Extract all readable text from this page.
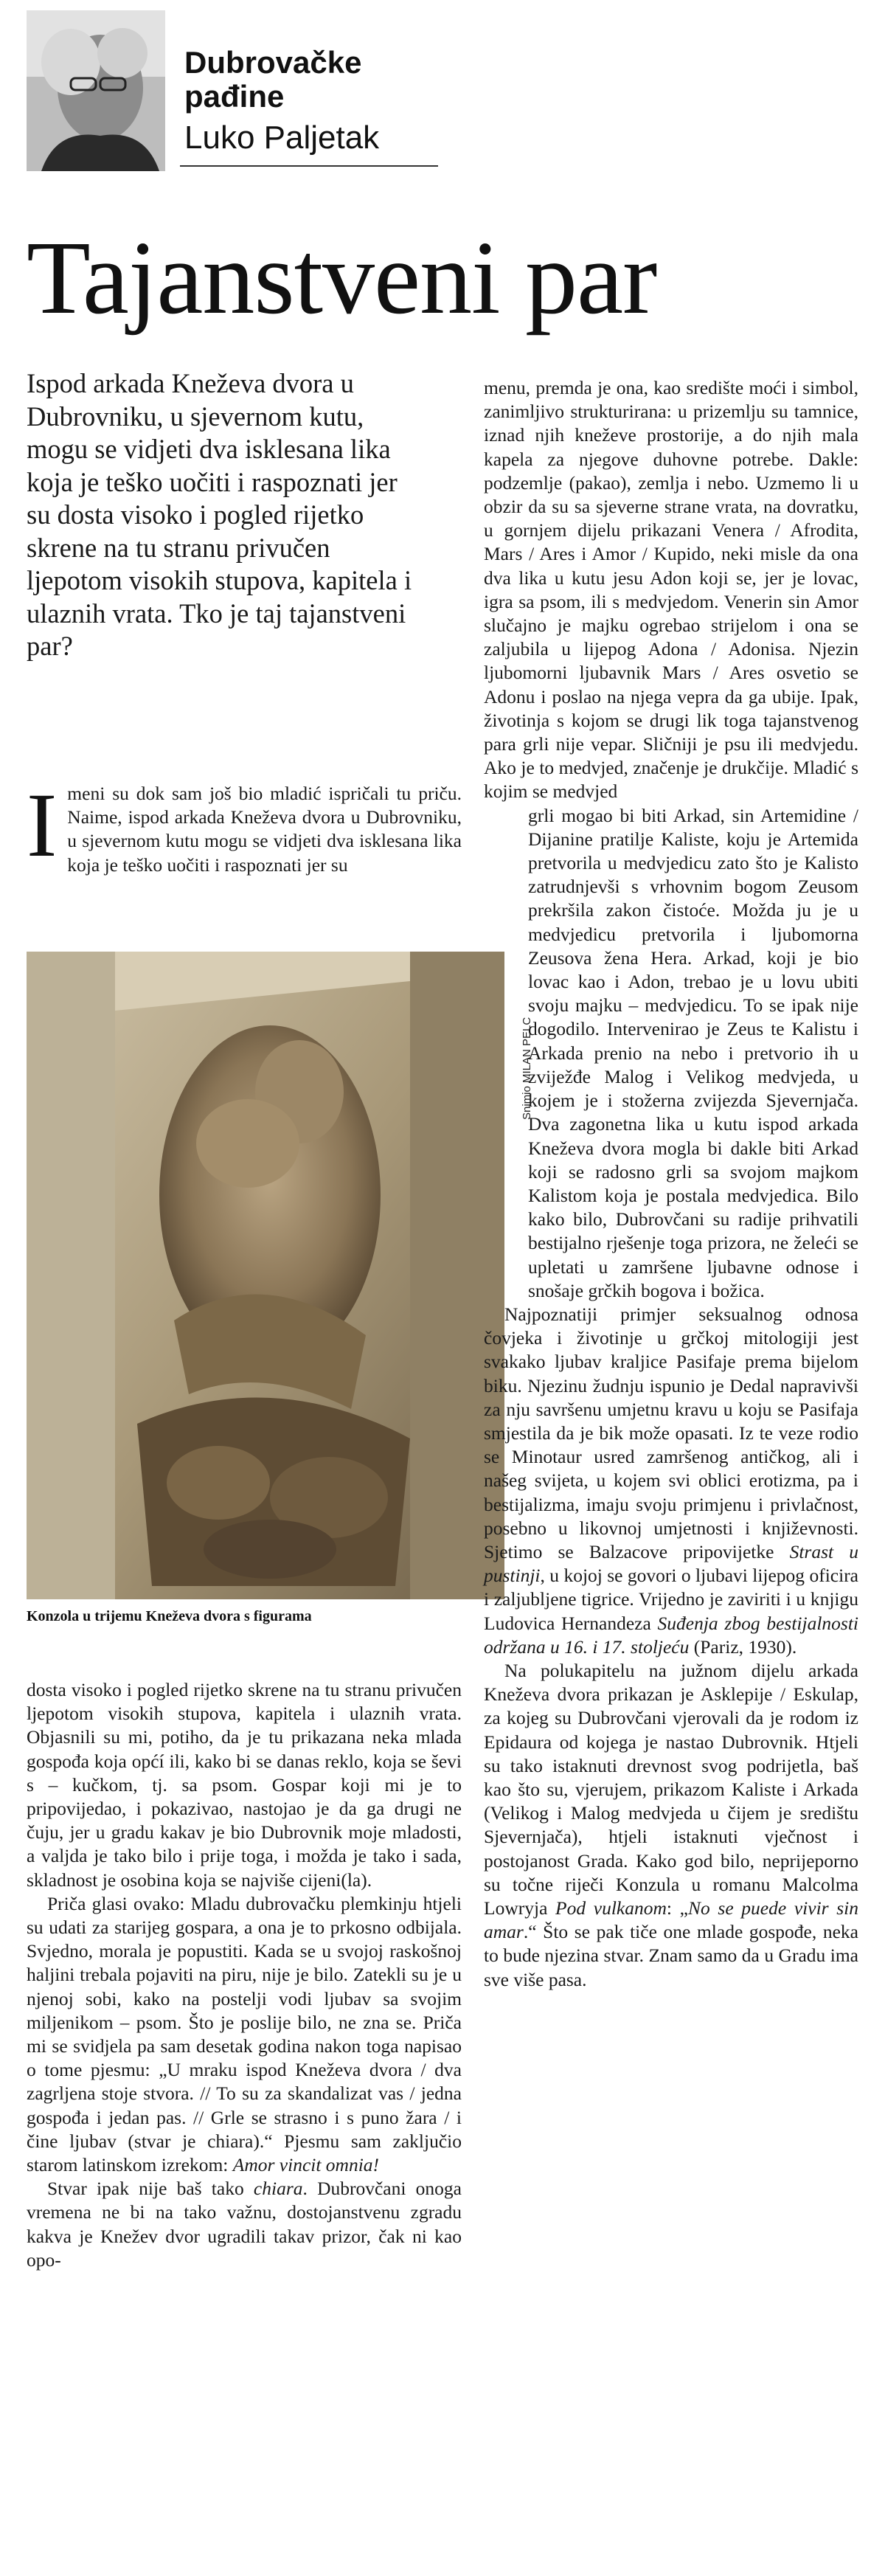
Dubrovačke
pađine
Luko Paljetak
Tajanstveni par
Ispod arkada Kneževa dvora u Dubrovniku, u sjevernom kutu, mogu se vidjeti dva isklesana lika koja je teško uočiti i raspoznati jer su dosta visoko i pogled rijetko skrene na tu stranu privučen ljepotom visokih stupova, kapitela i ulaznih vrata. Tko je taj tajanstveni par?
Imeni su dok sam još bio mladić ispričali tu priču. Naime, ispod arkada Kneževa dvora u Dubrovniku, u sjevernom kutu mogu se vidjeti dva isklesana lika koja je teško uočiti i raspoznati jer su
Snimio MILAN PELC
Konzola u trijemu Kneževa dvora s figurama

dosta visoko i pogled rijetko skrene na tu stranu privučen ljepotom visokih stupova, kapitela i ulaznih vrata. Objasnili su mi, potiho, da je tu prikazana neka mlada gospođa koja općí ili, kako bi se danas reklo, koja se ševi s – kučkom, tj. sa psom. Gospar koji mi je to pripovijedao, i pokazivao, nastojao je da ga drugi ne čuju, jer u gradu kakav je bio Dubrovnik moje mladosti, a valjda je tako bilo i prije toga, i možda je tako i sada, skladnost je osobina koja se najviše cijeni(la).

Priča glasi ovako: Mladu dubrovačku plemkinju htjeli su udati za starijeg gospara, a ona je to prkosno odbijala. Svjedno, morala je popustiti. Kada se u svojoj raskošnoj haljini trebala pojaviti na piru, nije je bilo. Zatekli su je u njenoj sobi, kako na postelji vodi ljubav sa svojim miljenikom – psom. Što je poslije bilo, ne zna se. Priča mi se svidjela pa sam desetak godina nakon toga napisao o tome pjesmu: „U mraku ispod Kneževa dvora / dva zagrljena stoje stvora. // To su za skandalizat vas / jedna gospođa i jedan pas. // Grle se strasno i s puno žara / i čine ljubav (stvar je chiara).“ Pjesmu sam zaključio starom latinskom izrekom: Amor vincit omnia!

Stvar ipak nije baš tako chiara. Dubrovčani onoga vremena ne bi na tako važnu, dostojanstvenu zgradu kakva je Knežev dvor ugradili takav prizor, čak ni kao opo-

menu, premda je ona, kao središte moći i simbol, zanimljivo strukturirana: u prizemlju su tamnice, iznad njih kneževe prostorije, a do njih mala kapela za njegove duhovne potrebe. Dakle: podzemlje (pakao), zemlja i nebo. Uzmemo li u obzir da su sa sjeverne strane vrata, na dovratku, u gornjem dijelu prikazani Venera / Afrodita, Mars / Ares i Amor / Kupido, neki misle da ona dva lika u kutu jesu Adon koji se, jer je lovac, igra sa psom, ili s medvjedom. Venerin sin Amor slučajno je majku ogrebao strijelom i ona se zaljubila u lijepog Adona / Adonisa. Njezin ljubomorni ljubavnik Mars / Ares osvetio se Adonu i poslao na njega vepra da ga ubije. Ipak, životinja s kojom se drugi lik toga tajanstvenog para grli nije vepar. Sličniji je psu ili medvjedu. Ako je to medvjed, značenje je drukčije. Mladić s kojim se medvjed

grli mogao bi biti Arkad, sin Artemidine / Dijanine pratilje Kaliste, koju je Artemida pretvorila u medvjedicu zato što je Kalisto zatrudnjevši s vrhovnim bogom Zeusom prekršila zakon čistoće. Možda ju je u medvjedicu pretvorila i ljubomorna Zeusova žena Hera. Arkad, koji je bio lovac kao i Adon, trebao je u lovu ubiti svoju majku – medvjedicu. To se ipak nije dogodilo. Intervenirao je Zeus te Kalistu i Arkada prenio na nebo i pretvorio ih u zviježđe Malog i Velikog medvjeda, u kojem je i stožerna zvijezda Sjevernjača. Dva zagonetna lika u kutu ispod arkada Kneževa dvora mogla bi dakle biti Arkad koji se radosno grli sa svojom majkom Kalistom koja je postala medvjedica. Bilo kako bilo, Dubrovčani su radije prihvatili bestijalno rješenje toga prizora, ne želeći se upletati u zamršene ljubavne odnose i snošaje grčkih bogova i božica.

Najpoznatiji primjer seksualnog odnosa čovjeka i životinje u grčkoj mitologiji jest svakako ljubav kraljice Pasifaje prema bijelom biku. Njezinu žudnju ispunio je Dedal napravivši za nju savršenu umjetnu kravu u koju se Pasifaja smjestila da je bik može opasati. Iz te veze rodio se Minotaur usred zamršenog antičkog, ali i našeg svijeta, u kojem svi oblici erotizma, pa i bestijalizma, imaju svoju primjenu i privlačnost, posebno u likovnoj umjetnosti i književnosti. Sjetimo se Balzacove pripovijetke Strast u pustinji, u kojoj se govori o ljubavi lijepog oficira i zaljubljene tigrice. Vrijedno je zaviriti i u knjigu Ludovica Hernandeza Suđenja zbog bestijalnosti održana u 16. i 17. stoljeću (Pariz, 1930).

Na polukapitelu na južnom dijelu arkada Kneževa dvora prikazan je Asklepije / Eskulap, za kojeg su Dubrovčani vjerovali da je rodom iz Epidaura od kojega je nastao Dubrovnik. Htjeli su tako istaknuti drevnost svog podrijetla, baš kao što su, vjerujem, prikazom Kaliste i Arkada (Velikog i Malog medvjeda u čijem je središtu Sjevernjača), htjeli istaknuti vječnost i postojanost Grada. Kako god bilo, nepriјeporno su točne riječi Konzula u romanu Malcolma Lowryja Pod vulkanom: „No se puede vivir sin amar.“ Što se pak tiče one mlade gospođe, neka to bude njezina stvar. Znam samo da u Gradu ima sve više pasa.
